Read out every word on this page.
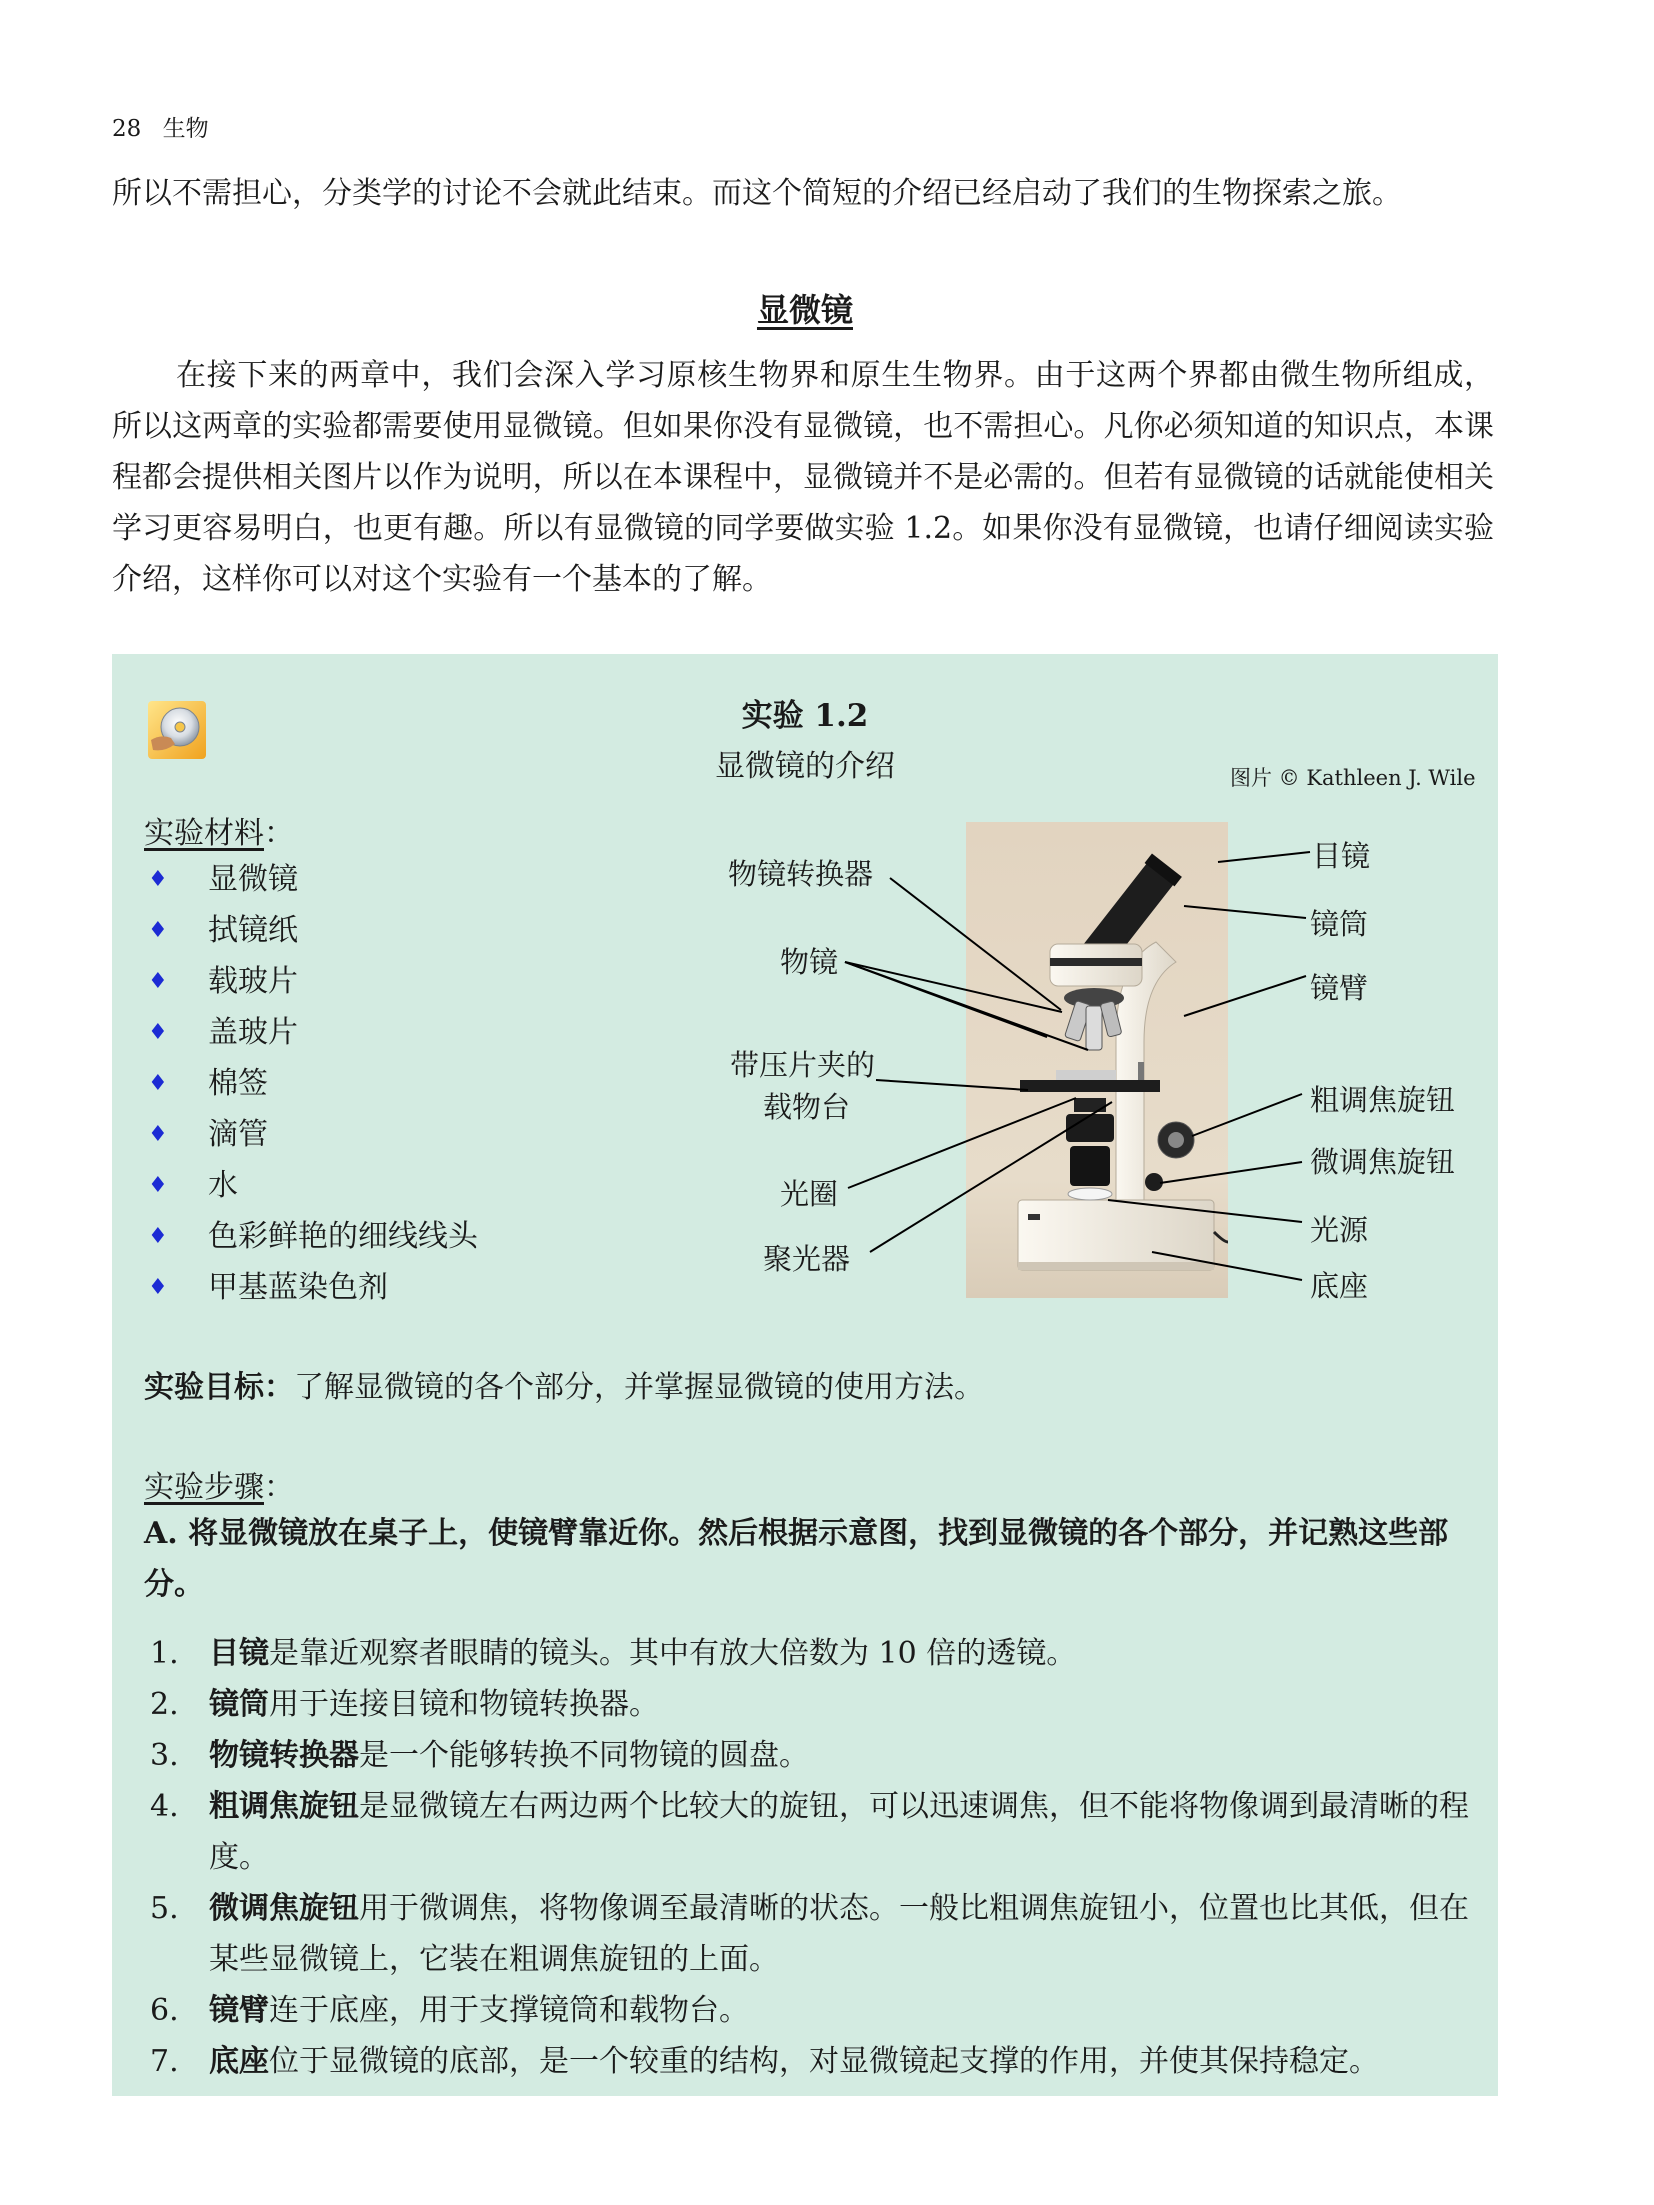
28 生物
所以不需担心，分类学的讨论不会就此结束。而这个简短的介绍已经启动了我们的生物探索之旅。
显微镜
在接下来的两章中，我们会深入学习原核生物界和原生生物界。由于这两个界都由微生物所组成，所以这两章的实验都需要使用显微镜。但如果你没有显微镜，也不需担心。凡你必须知道的知识点，本课程都会提供相关图片以作为说明，所以在本课程中，显微镜并不是必需的。但若有显微镜的话就能使相关学习更容易明白，也更有趣。所以有显微镜的同学要做实验 1.2。如果你没有显微镜，也请仔细阅读实验介绍，这样你可以对这个实验有一个基本的了解。
实验 1.2
显微镜的介绍	图片 © Kathleen J. Wile
实验材料：
♦	显微镜
♦	拭镜纸
♦	载玻片
♦	盖玻片
♦	棉签
♦	滴管
♦	水
♦	色彩鲜艳的细线线头
♦	甲基蓝染色剂
物镜转换器
物镜
带压片夹的
载物台
光圈
聚光器
目镜
镜筒
镜臂
粗调焦旋钮
微调焦旋钮
光源
底座
实验目标：了解显微镜的各个部分，并掌握显微镜的使用方法。
实验步骤：
A. 将显微镜放在桌子上，使镜臂靠近你。然后根据示意图，找到显微镜的各个部分，并记熟这些部分。
1.	目镜是靠近观察者眼睛的镜头。其中有放大倍数为 10 倍的透镜。
2.	镜筒用于连接目镜和物镜转换器。
3.	物镜转换器是一个能够转换不同物镜的圆盘。
4.	粗调焦旋钮是显微镜左右两边两个比较大的旋钮，可以迅速调焦，但不能将物像调到最清晰的程度。
5.	微调焦旋钮用于微调焦，将物像调至最清晰的状态。一般比粗调焦旋钮小，位置也比其低，但在某些显微镜上，它装在粗调焦旋钮的上面。
6.	镜臂连于底座，用于支撑镜筒和载物台。
7.	底座位于显微镜的底部，是一个较重的结构，对显微镜起支撑的作用，并使其保持稳定。
